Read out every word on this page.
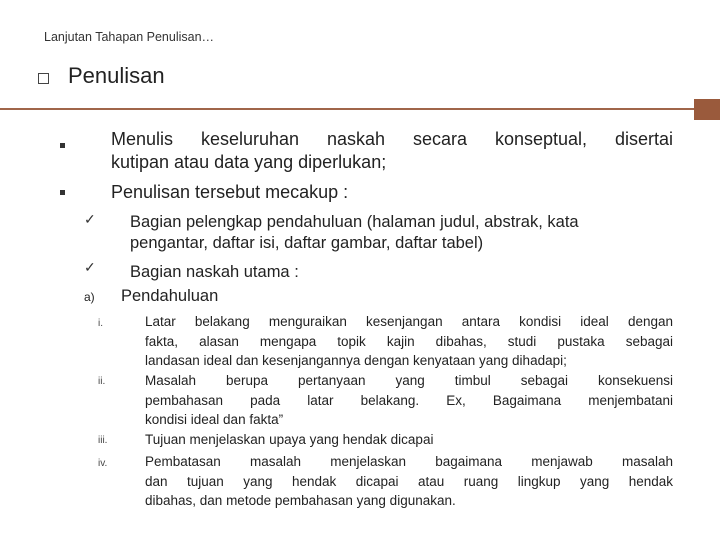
Lanjutan Tahapan Penulisan…
Penulisan
Menulis keseluruhan naskah secara konseptual, disertai
kutipan atau data yang diperlukan;
Penulisan tersebut mecakup :
✓ Bagian pelengkap pendahuluan (halaman judul, abstrak, kata
pengantar, daftar isi, daftar gambar, daftar tabel)
✓ Bagian naskah utama :
a) Pendahuluan
i.	Latar belakang menguraikan kesenjangan antara kondisi ideal dengan
fakta, alasan mengapa topik kajin dibahas, studi pustaka sebagai
landasan ideal dan kesenjangannya dengan kenyataan yang dihadapi;
ii.	Masalah berupa pertanyaan yang timbul sebagai konsekuensi
pembahasan pada latar belakang. Ex, Bagaimana menjembatani
kondisi ideal dan fakta”
iii.	Tujuan menjelaskan upaya yang hendak dicapai
iv.	Pembatasan masalah menjelaskan bagaimana menjawab masalah
dan tujuan yang hendak dicapai atau ruang lingkup yang hendak
dibahas, dan metode pembahasan yang digunakan.
